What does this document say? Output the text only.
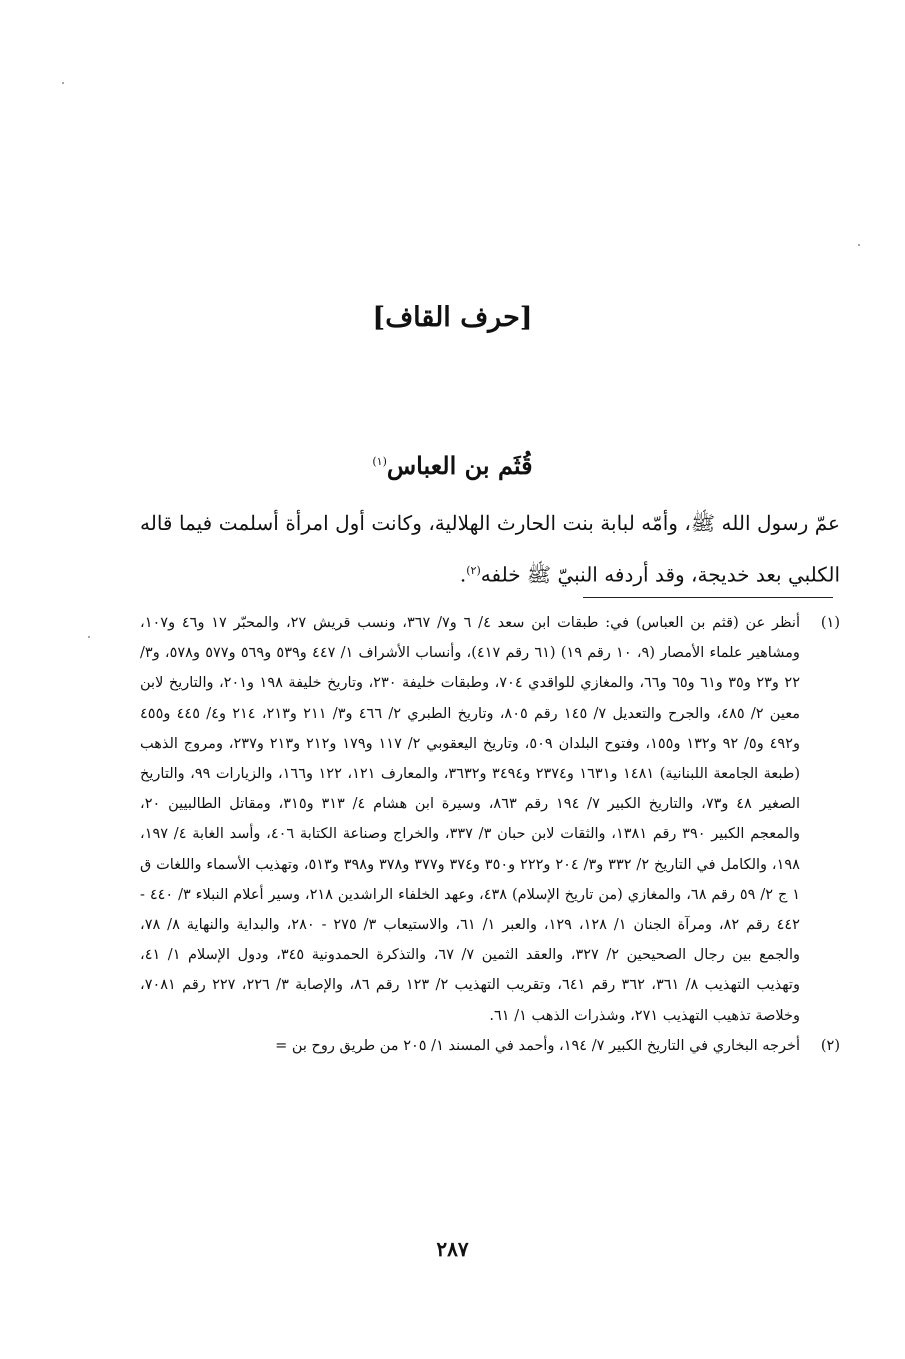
[حرف القاف]
قُثَم بن العباس$^{(١)}$
عمّ رسول الله ﷺ، وأمّه لبابة بنت الحارث الهلالية، وكانت أول امرأة أسلمت فيما قاله الكلبي بعد خديجة، وقد أردفه النبيّ ﷺ خلفه$^{(٢)}$.
(١)
أنظر عن (قثم بن العباس) في: طبقات ابن سعد ٤/ ٦ و٧/ ٣٦٧، ونسب قريش ٢٧، والمحبّر ١٧ و٤٦ و١٠٧، ومشاهير علماء الأمصار (٩، ١٠ رقم ١٩) (٦١ رقم ٤١٧)، وأنساب الأشراف ١/ ٤٤٧ و٥٣٩ و٥٦٩ و٥٧٧ و٥٧٨، و٣/ ٢٢ و٢٣ و٣٥ و٦١ و٦٥ و٦٦، والمغازي للواقدي ٧٠٤، وطبقات خليفة ٢٣٠، وتاريخ خليفة ١٩٨ و٢٠١، والتاريخ لابن معين ٢/ ٤٨٥، والجرح والتعديل ٧/ ١٤٥ رقم ٨٠٥، وتاريخ الطبري ٢/ ٤٦٦ و٣/ ٢١١ و٢١٣، ٢١٤ و٤/ ٤٤٥ و٤٥٥ و٤٩٢ و٥/ ٩٢ و١٣٢ و١٥٥، وفتوح البلدان ٥٠٩، وتاريخ اليعقوبي ٢/ ١١٧ و١٧٩ و٢١٢ و٢١٣ و٢٣٧، ومروج الذهب (طبعة الجامعة اللبنانية) ١٤٨١ و١٦٣١ و٢٣٧٤ و٣٤٩٤ و٣٦٣٢، والمعارف ١٢١، ١٢٢ و١٦٦، والزيارات ٩٩، والتاريخ الصغير ٤٨ و٧٣، والتاريخ الكبير ٧/ ١٩٤ رقم ٨٦٣، وسيرة ابن هشام ٤/ ٣١٣ و٣١٥، ومقاتل الطالبيين ٢٠، والمعجم الكبير ٣٩٠ رقم ١٣٨١، والثقات لابن حبان ٣/ ٣٣٧، والخراج وصناعة الكتابة ٤٠٦، وأسد الغابة ٤/ ١٩٧، ١٩٨، والكامل في التاريخ ٢/ ٣٣٢ و٣/ ٢٠٤ و٢٢٢ و٣٥٠ و٣٧٤ و٣٧٧ و٣٧٨ و٣٩٨ و٥١٣، وتهذيب الأسماء واللغات ق ١ ج ٢/ ٥٩ رقم ٦٨، والمغازي (من تاريخ الإسلام) ٤٣٨، وعهد الخلفاء الراشدين ٢١٨، وسير أعلام النبلاء ٣/ ٤٤٠ - ٤٤٢ رقم ٨٢، ومرآة الجنان ١/ ١٢٨، ١٢٩، والعبر ١/ ٦١، والاستيعاب ٣/ ٢٧٥ - ٢٨٠، والبداية والنهاية ٨/ ٧٨، والجمع بين رجال الصحيحين ٢/ ٣٢٧، والعقد الثمين ٧/ ٦٧، والتذكرة الحمدونية ٣٤٥، ودول الإسلام ١/ ٤١، وتهذيب التهذيب ٨/ ٣٦١، ٣٦٢ رقم ٦٤١، وتقريب التهذيب ٢/ ١٢٣ رقم ٨٦، والإصابة ٣/ ٢٢٦، ٢٢٧ رقم ٧٠٨١، وخلاصة تذهيب التهذيب ٢٧١، وشذرات الذهب ١/ ٦١.
(٢)
أخرجه البخاري في التاريخ الكبير ٧/ ١٩٤، وأحمد في المسند ١/ ٢٠٥ من طريق روح بن =
٢٨٧
